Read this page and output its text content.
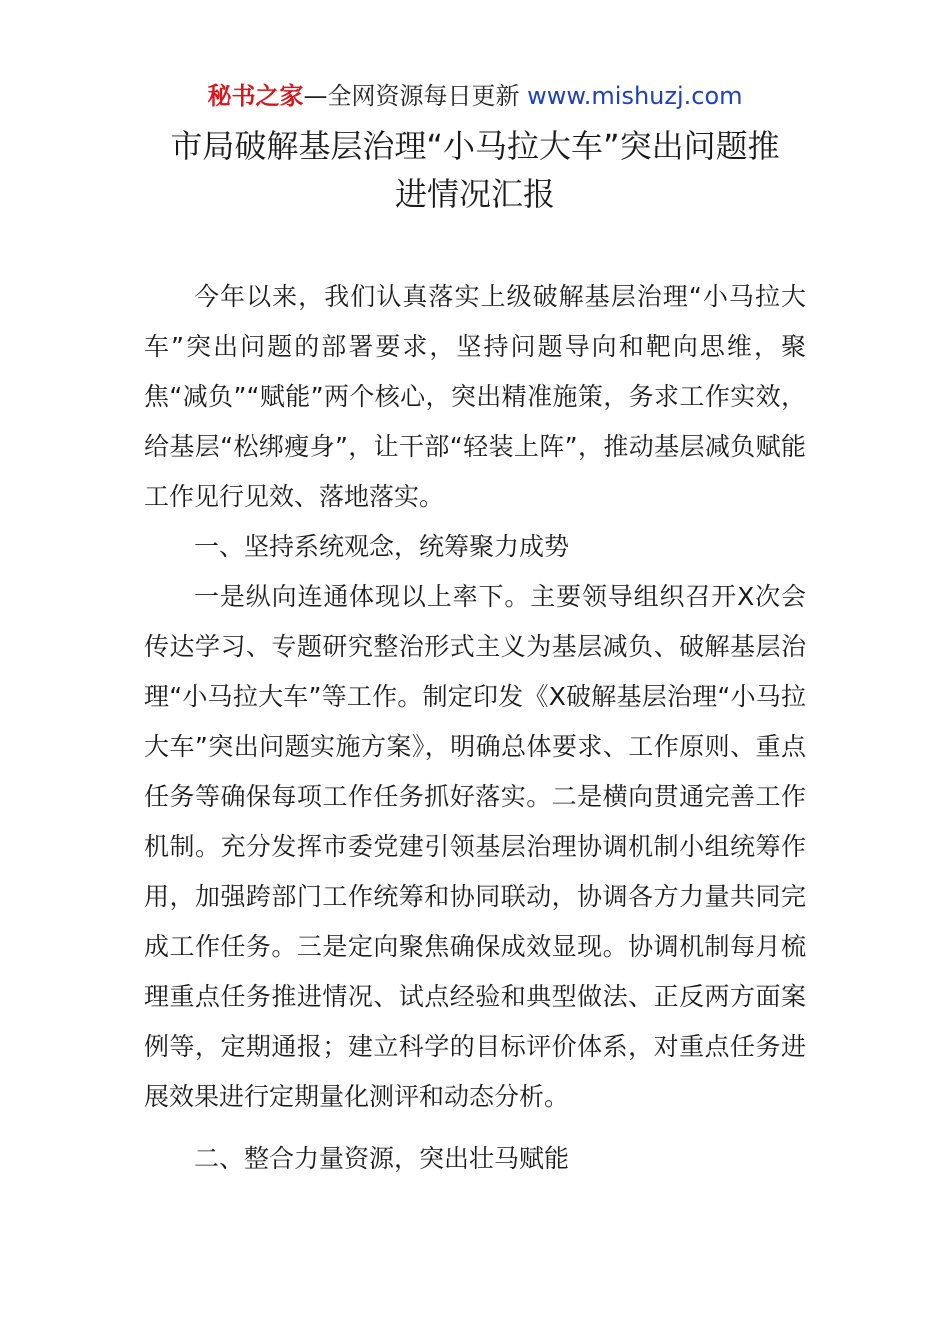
秘书之家—全网资源每日更新 www.mishuzj.com
市局破解基层治理“小马拉大车”突出问题推
进情况汇报

今年以来，我们认真落实上级破解基层治理“小马拉大车”突出问题的部署要求，坚持问题导向和靶向思维，聚焦“减负”“赋能”两个核心，突出精准施策，务求工作实效，给基层“松绑瘦身”，让干部“轻装上阵”，推动基层减负赋能工作见行见效、落地落实。

一、坚持系统观念，统筹聚力成势

一是纵向连通体现以上率下。主要领导组织召开X次会传达学习、专题研究整治形式主义为基层减负、破解基层治理“小马拉大车”等工作。制定印发《X破解基层治理“小马拉大车”突出问题实施方案》，明确总体要求、工作原则、重点任务等确保每项工作任务抓好落实。二是横向贯通完善工作机制。充分发挥市委党建引领基层治理协调机制小组统筹作用，加强跨部门工作统筹和协同联动，协调各方力量共同完成工作任务。三是定向聚焦确保成效显现。协调机制每月梳理重点任务推进情况、试点经验和典型做法、正反两方面案例等，定期通报；建立科学的目标评价体系，对重点任务进展效果进行定期量化测评和动态分析。

二、整合力量资源，突出壮马赋能
